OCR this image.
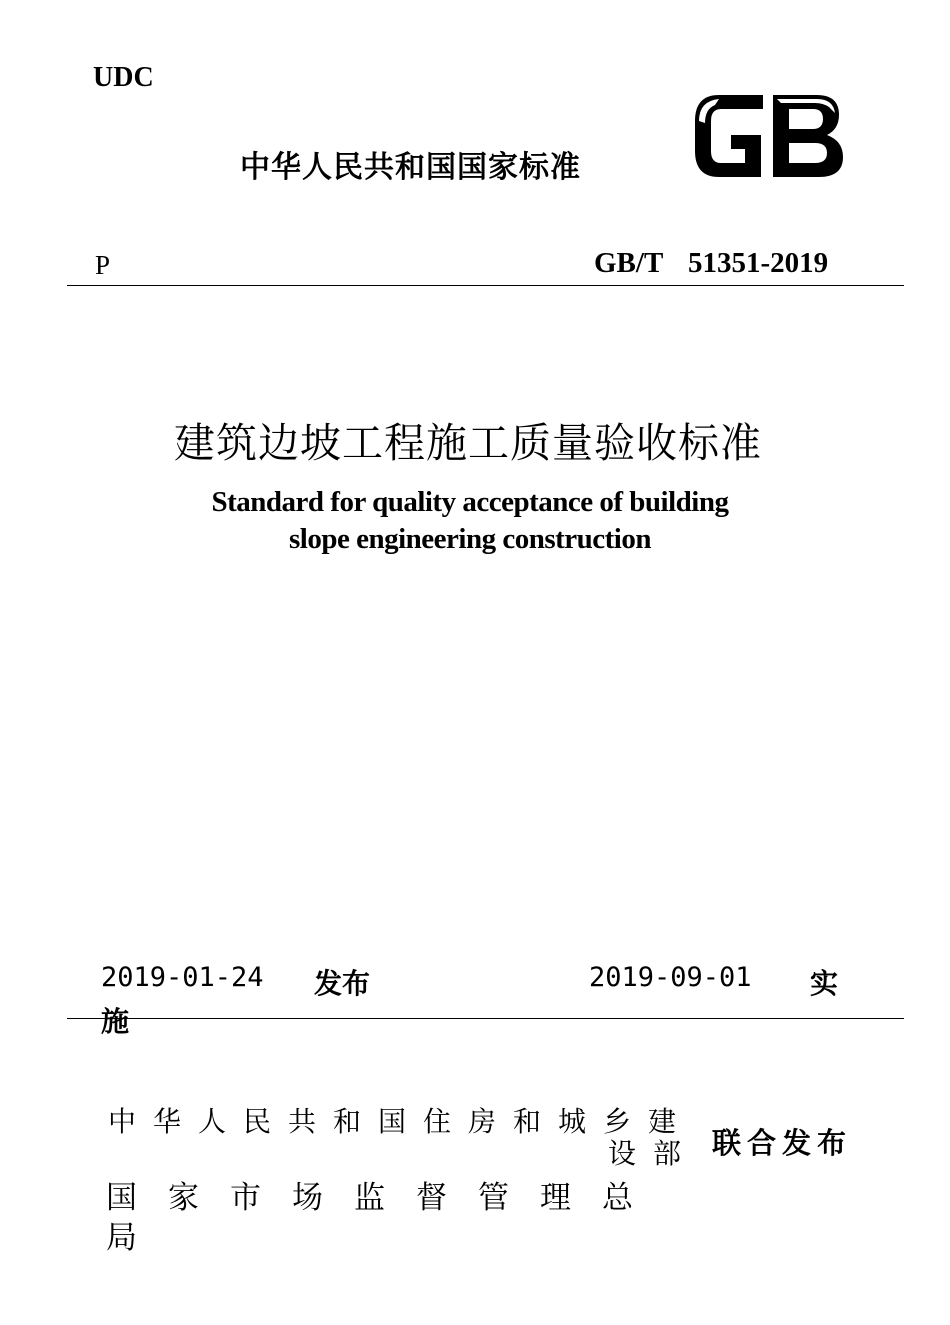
UDC
中华人民共和国国家标准
P	GB/T 51351-2019
建筑边坡工程施工质量验收标准
Standard for quality acceptance of building
slope engineering construction
2019-01-24 发布	2019-09-01 实
施
中华人民共和国住房和城乡建
设部 联合发布
国家市场监督管理总
局
